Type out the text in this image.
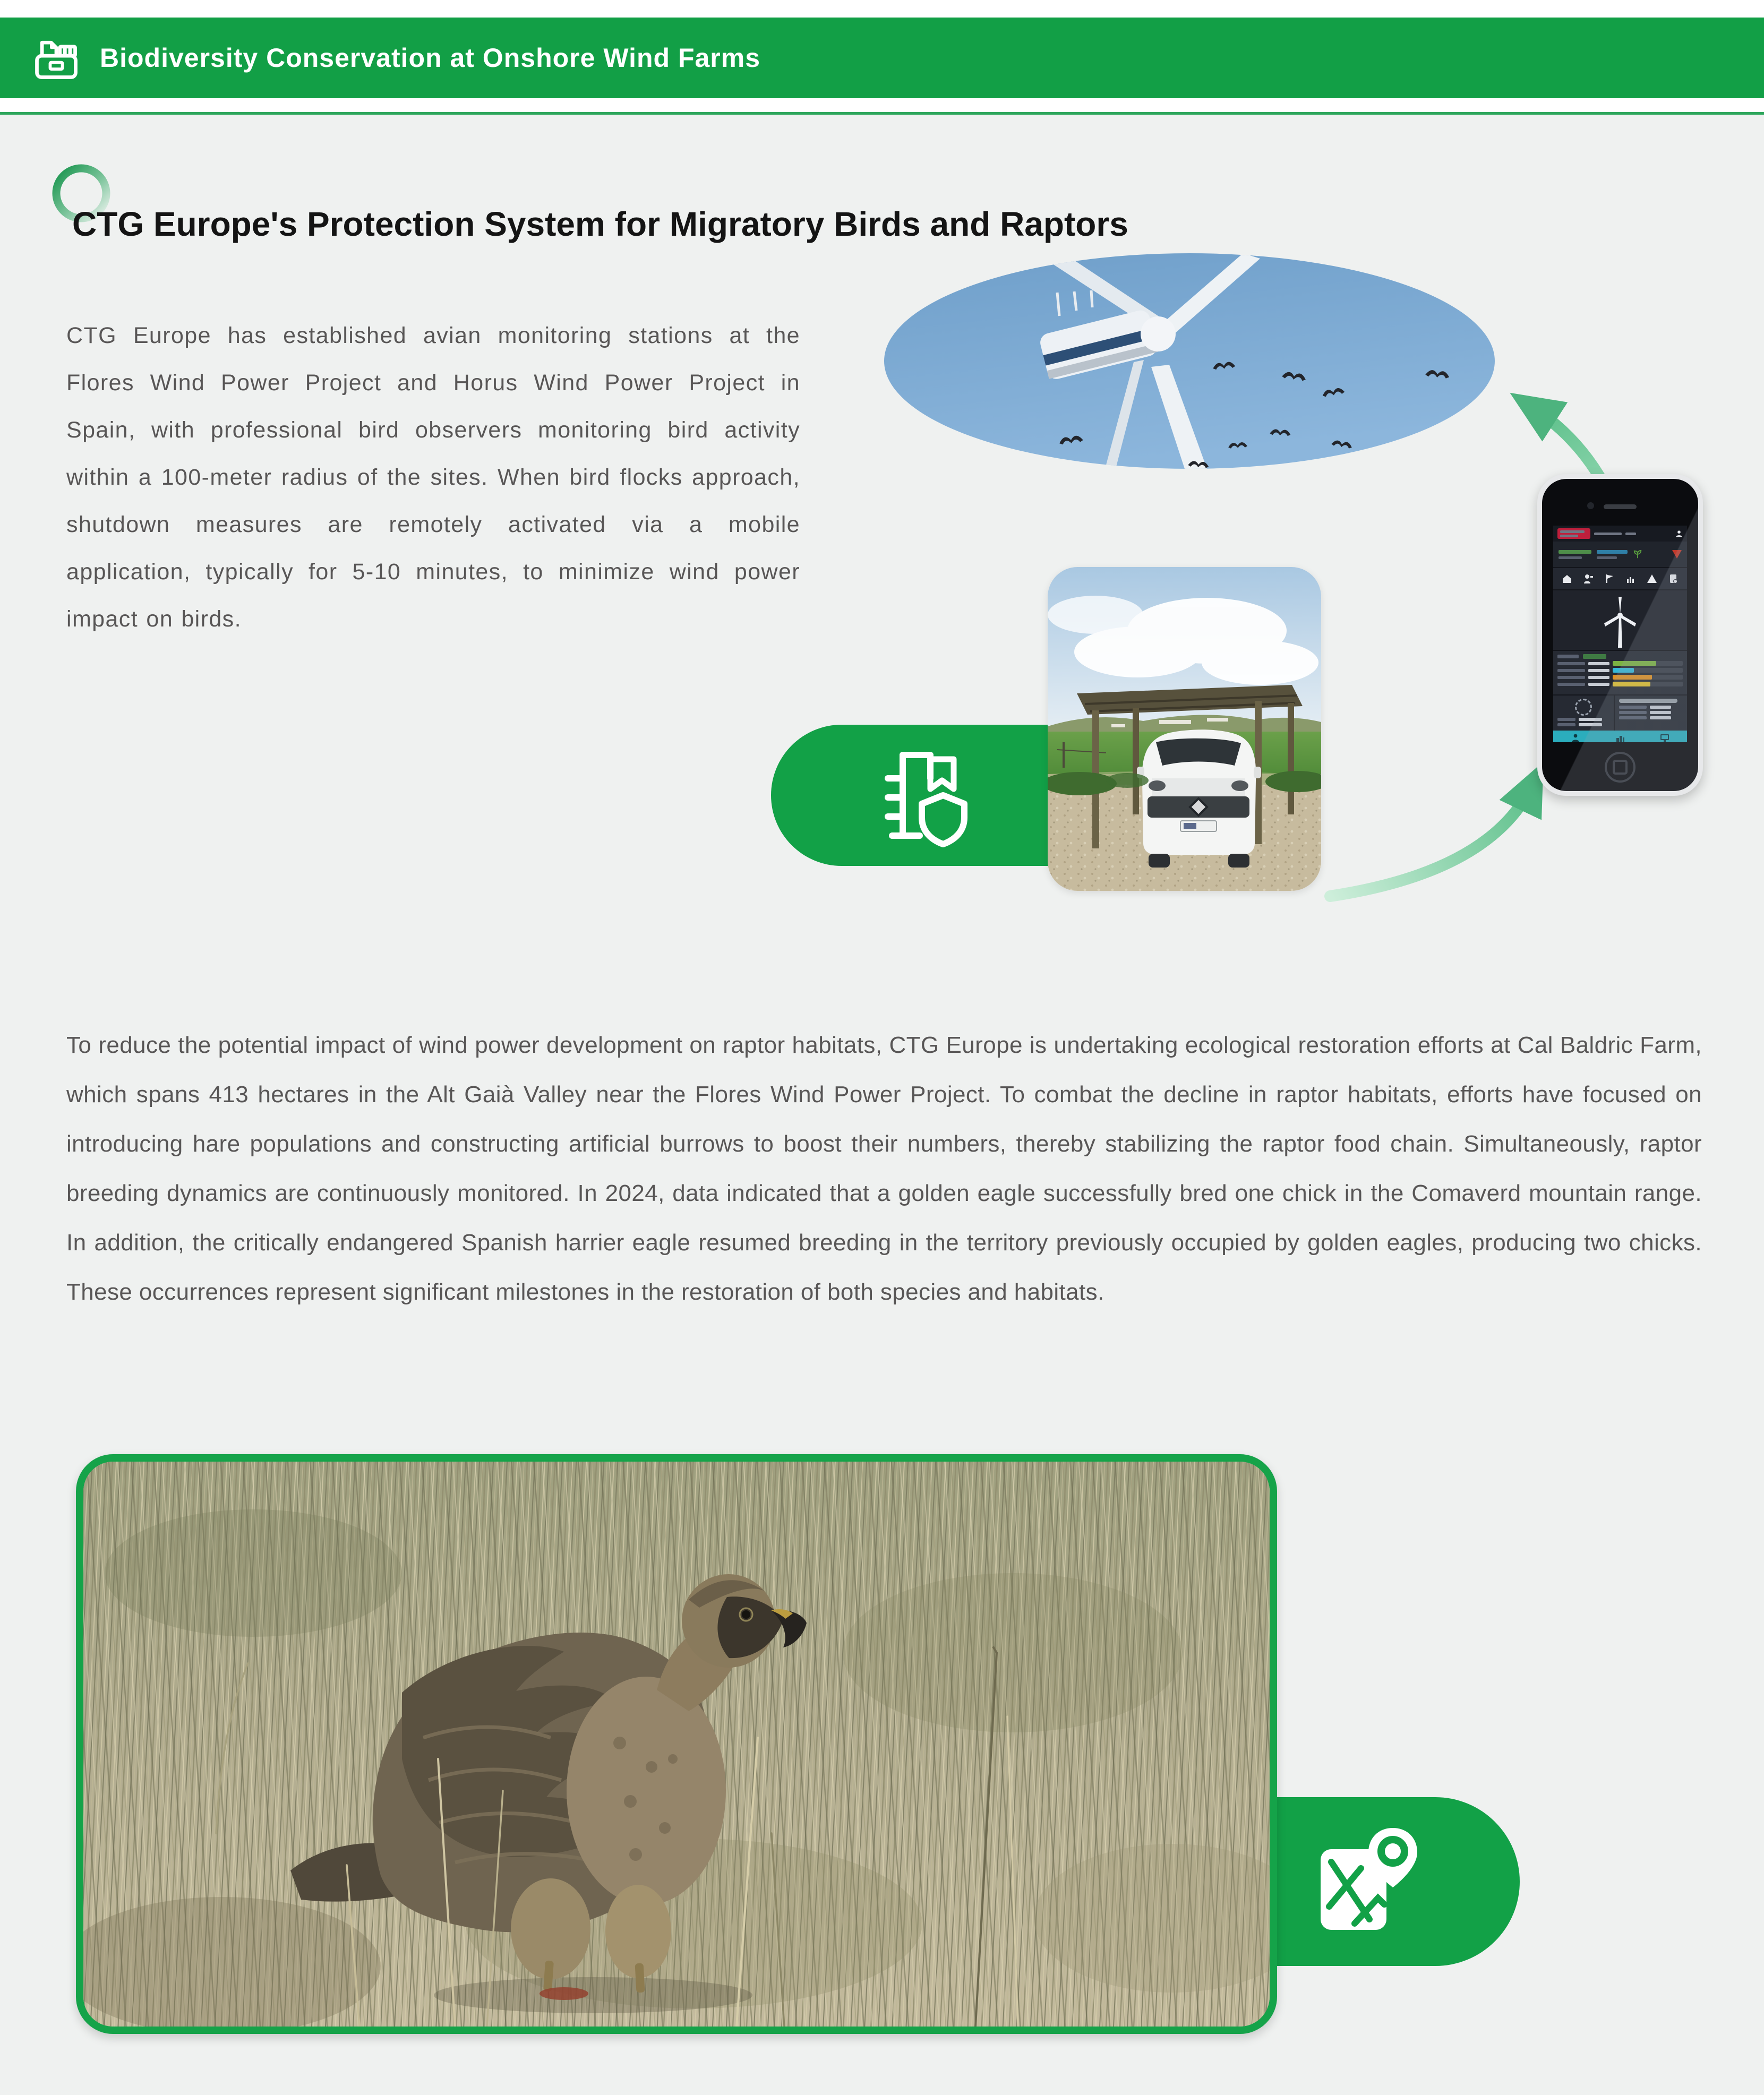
Biodiversity Conservation at Onshore Wind Farms
CTG Europe's Protection System for Migratory Birds and Raptors

CTG Europe has established avian monitoring stations at the Flores Wind Power Project and Horus Wind Power Project in Spain, with professional bird observers monitoring bird activity within a 100-meter radius of the sites. When bird flocks approach, shutdown measures are remotely activated via a mobile application, typically for 5-10 minutes, to minimize wind power impact on birds.

To reduce the potential impact of wind power development on raptor habitats, CTG Europe is undertaking ecological restoration efforts at Cal Baldric Farm, which spans 413 hectares in the Alt Gaià Valley near the Flores Wind Power Project. To combat the decline in raptor habitats, efforts have focused on introducing hare populations and constructing artificial burrows to boost their numbers, thereby stabilizing the raptor food chain. Simultaneously, raptor breeding dynamics are continuously monitored. In 2024, data indicated that a golden eagle successfully bred one chick in the Comaverd mountain range. In addition, the critically endangered Spanish harrier eagle resumed breeding in the territory previously occupied by golden eagles, producing two chicks. These occurrences represent significant milestones in the restoration of both species and habitats.
